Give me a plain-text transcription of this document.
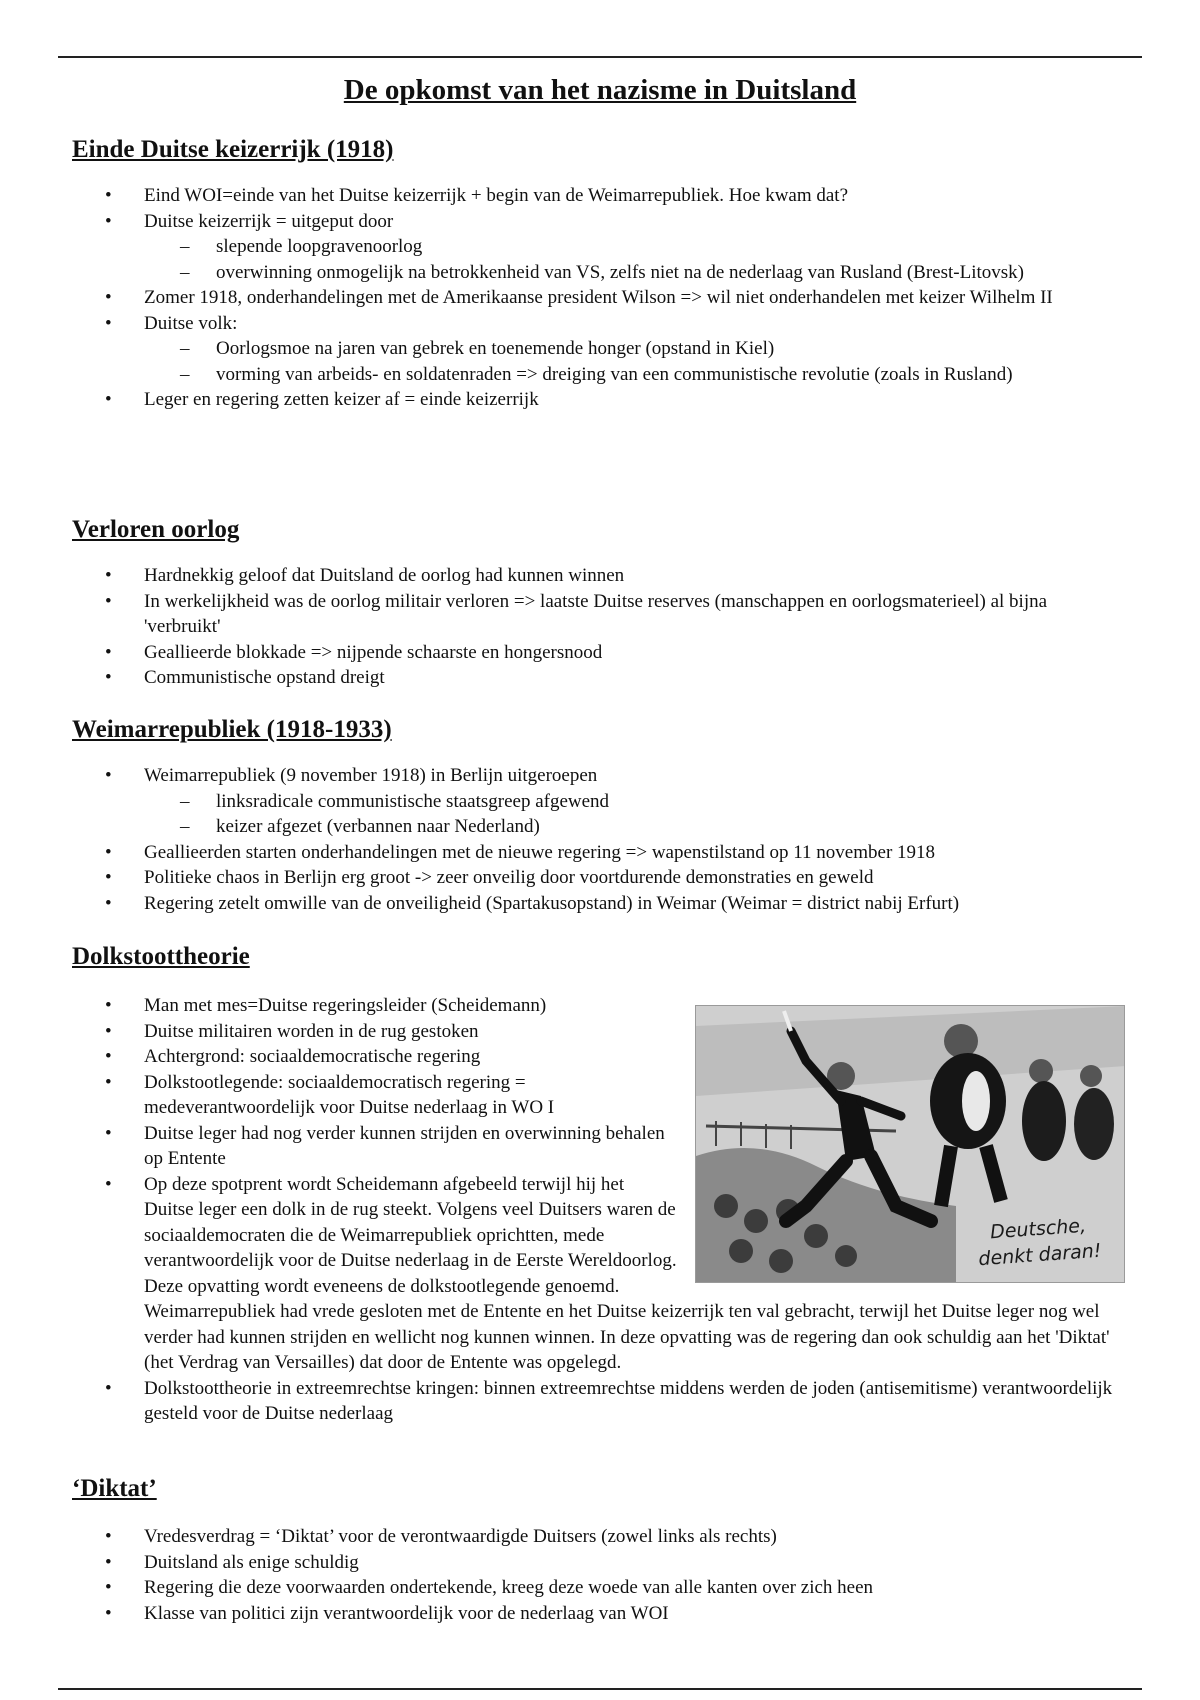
De opkomst van het nazisme in Duitsland
Einde Duitse keizerrijk (1918)
• Eind WOI=einde van het Duitse keizerrijk + begin van de Weimarrepubliek. Hoe kwam dat?
• Duitse keizerrijk = uitgeput door
– slepende loopgravenoorlog
– overwinning onmogelijk na betrokkenheid van VS, zelfs niet na de nederlaag van Rusland (Brest-Litovsk)
• Zomer 1918, onderhandelingen met de Amerikaanse president Wilson => wil niet onderhandelen met keizer Wilhelm II
• Duitse volk:
– Oorlogsmoe na jaren van gebrek en toenemende honger (opstand in Kiel)
– vorming van arbeids- en soldatenraden => dreiging van een communistische revolutie (zoals in Rusland)
• Leger en regering zetten keizer af = einde keizerrijk
Verloren oorlog
• Hardnekkig geloof dat Duitsland de oorlog had kunnen winnen
• In werkelijkheid was de oorlog militair verloren => laatste Duitse reserves (manschappen en oorlogsmaterieel) al bijna 'verbruikt'
• Geallieerde blokkade => nijpende schaarste en hongersnood
• Communistische opstand dreigt
Weimarrepubliek (1918-1933)
• Weimarrepubliek (9 november 1918) in Berlijn uitgeroepen
– linksradicale communistische staatsgreep afgewend
– keizer afgezet (verbannen naar Nederland)
• Geallieerden starten onderhandelingen met de nieuwe regering => wapenstilstand op 11 november 1918
• Politieke chaos in Berlijn erg groot -> zeer onveilig door voortdurende demonstraties en geweld
• Regering zetelt omwille van de onveiligheid (Spartakusopstand) in Weimar (Weimar = district nabij Erfurt)
Dolkstoottheorie
Deutsche,
denkt daran!
• Man met mes=Duitse regeringsleider (Scheidemann)
• Duitse militairen worden in de rug gestoken
• Achtergrond: sociaaldemocratische regering
• Dolkstootlegende: sociaaldemocratisch regering = medeverantwoordelijk voor Duitse nederlaag in WO I
• Duitse leger had nog verder kunnen strijden en overwinning behalen op Entente
• Op deze spotprent wordt Scheidemann afgebeeld terwijl hij het Duitse leger een dolk in de rug steekt. Volgens veel Duitsers waren de sociaaldemocraten die de Weimarrepubliek oprichtten, mede verantwoordelijk voor de Duitse nederlaag in de Eerste Wereldoorlog. Deze opvatting wordt eveneens de dolkstootlegende genoemd. Weimarrepubliek had vrede gesloten met de Entente en het Duitse keizerrijk ten val gebracht, terwijl het Duitse leger nog wel verder had kunnen strijden en wellicht nog kunnen winnen. In deze opvatting was de regering dan ook schuldig aan het 'Diktat' (het Verdrag van Versailles) dat door de Entente was opgelegd.
• Dolkstoottheorie in extreemrechtse kringen: binnen extreemrechtse middens werden de joden (antisemitisme) verantwoordelijk gesteld voor de Duitse nederlaag
‘Diktat’
• Vredesverdrag = ‘Diktat’ voor de verontwaardigde Duitsers (zowel links als rechts)
• Duitsland als enige schuldig
• Regering die deze voorwaarden ondertekende, kreeg deze woede van alle kanten over zich heen
• Klasse van politici zijn verantwoordelijk voor de nederlaag van WOI
